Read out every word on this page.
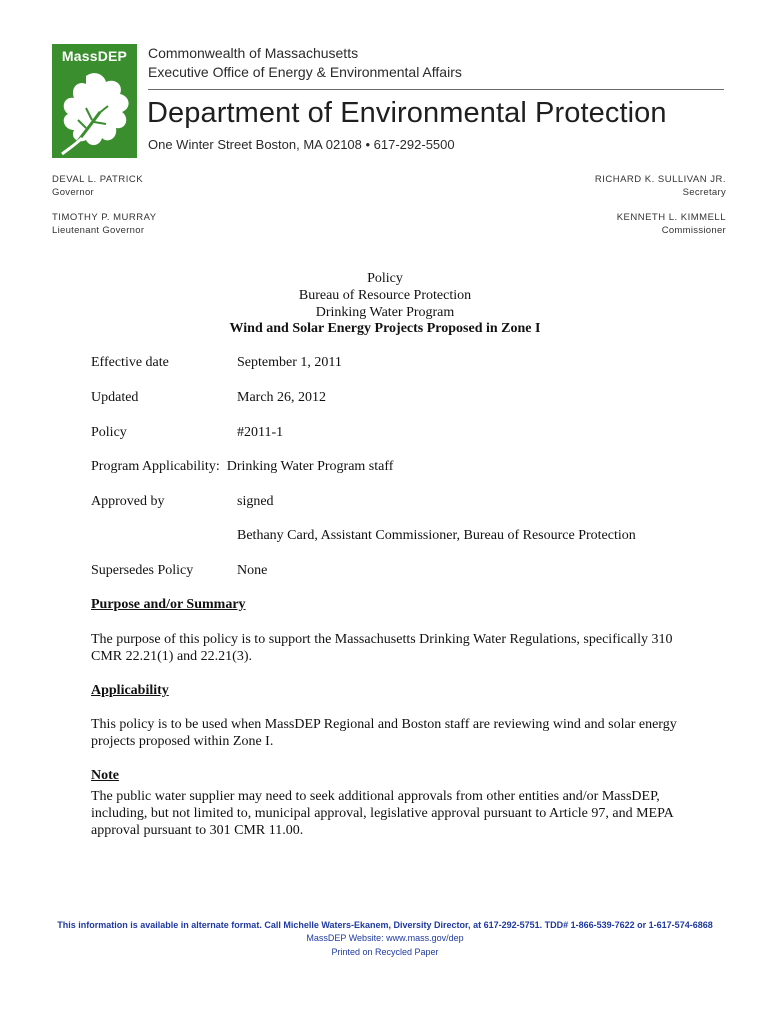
MassDEP	Commonwealth of Massachusetts
Executive Office of Energy & Environmental Affairs
Department of Environmental Protection
One Winter Street Boston, MA 02108 • 617-292-5500
DEVAL L. PATRICK
Governor
TIMOTHY P. MURRAY
Lieutenant Governor
RICHARD K. SULLIVAN JR.
Secretary
KENNETH L. KIMMELL
Commissioner
Policy
Bureau of Resource Protection
Drinking Water Program
Wind and Solar Energy Projects Proposed in Zone I
Effective date	September 1, 2011
Updated	March 26, 2012
Policy	#2011-1
Program Applicability:  Drinking Water Program staff
Approved by	signed
Bethany Card, Assistant Commissioner, Bureau of Resource Protection
Supersedes Policy	None
Purpose and/or Summary
The purpose of this policy is to support the Massachusetts Drinking Water Regulations, specifically 310 CMR 22.21(1) and 22.21(3).
Applicability
This policy is to be used when MassDEP Regional and Boston staff are reviewing wind and solar energy projects proposed within Zone I.
Note
The public water supplier may need to seek additional approvals from other entities and/or MassDEP, including, but not limited to, municipal approval, legislative approval pursuant to Article 97, and MEPA approval pursuant to 301 CMR 11.00.
This information is available in alternate format. Call Michelle Waters-Ekanem, Diversity Director, at 617-292-5751. TDD# 1-866-539-7622 or 1-617-574-6868
MassDEP Website: www.mass.gov/dep
Printed on Recycled Paper
